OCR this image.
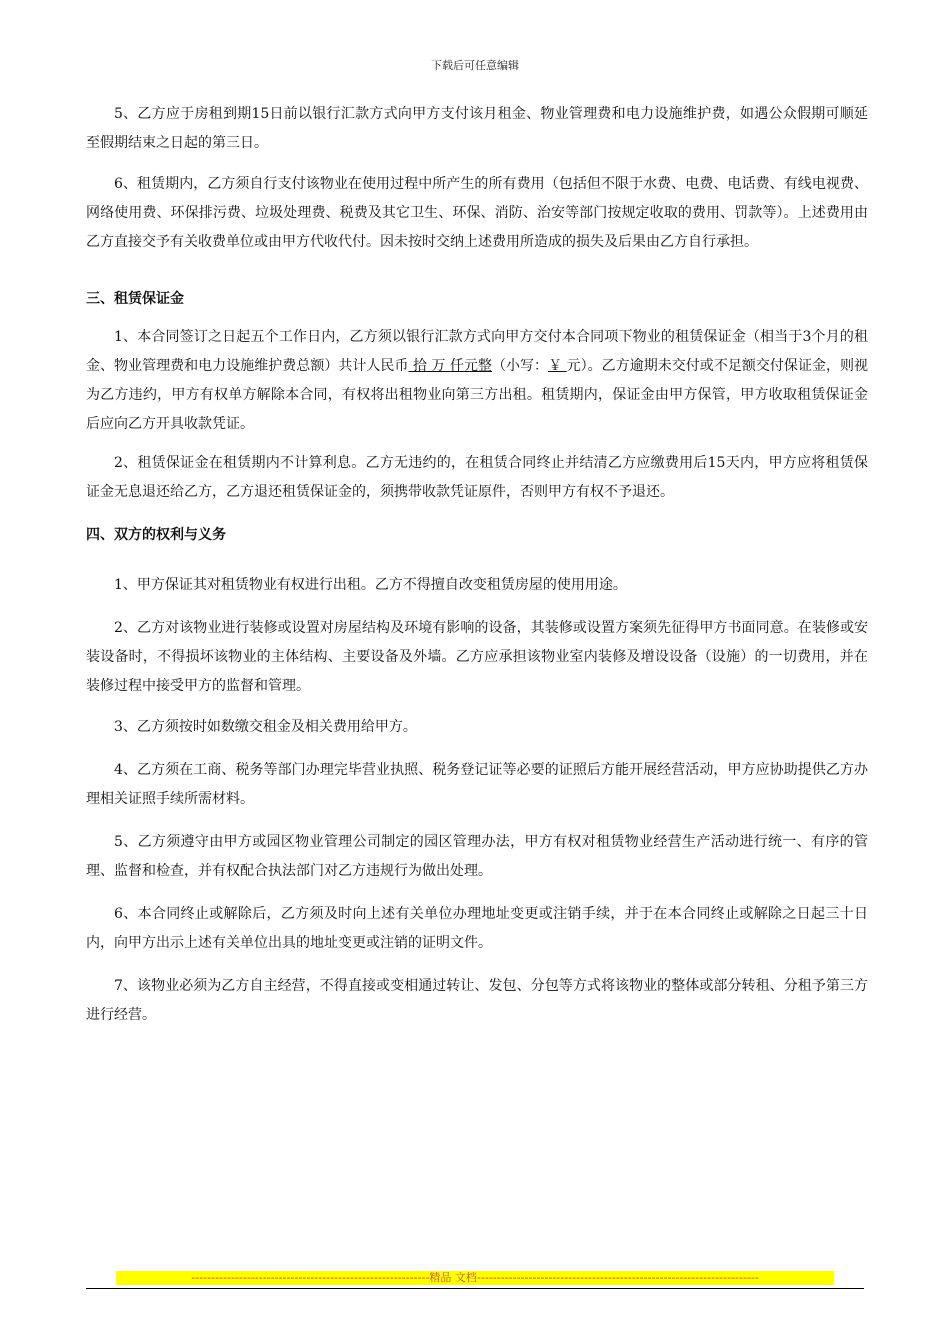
下载后可任意编辑

5、乙方应于房租到期15日前以银行汇款方式向甲方支付该月租金、物业管理费和电力设施维护费，如遇公众假期可顺延至假期结束之日起的第三日。

6、租赁期内，乙方须自行支付该物业在使用过程中所产生的所有费用（包括但不限于水费、电费、电话费、有线电视费、网络使用费、环保排污费、垃圾处理费、税费及其它卫生、环保、消防、治安等部门按规定收取的费用、罚款等）。上述费用由乙方直接交予有关收费单位或由甲方代收代付。因未按时交纳上述费用所造成的损失及后果由乙方自行承担。

三、租赁保证金

1、本合同签订之日起五个工作日内，乙方须以银行汇款方式向甲方交付本合同项下物业的租赁保证金（相当于3个月的租金、物业管理费和电力设施维护费总额）共计人民币 拾 万 仟元整（小写：￥ 元）。乙方逾期未交付或不足额交付保证金，则视为乙方违约，甲方有权单方解除本合同，有权将出租物业向第三方出租。租赁期内，保证金由甲方保管，甲方收取租赁保证金后应向乙方开具收款凭证。

2、租赁保证金在租赁期内不计算利息。乙方无违约的，在租赁合同终止并结清乙方应缴费用后15天内，甲方应将租赁保证金无息退还给乙方，乙方退还租赁保证金的，须携带收款凭证原件，否则甲方有权不予退还。

四、双方的权利与义务

1、甲方保证其对租赁物业有权进行出租。乙方不得擅自改变租赁房屋的使用用途。

2、乙方对该物业进行装修或设置对房屋结构及环境有影响的设备，其装修或设置方案须先征得甲方书面同意。在装修或安装设备时，不得损坏该物业的主体结构、主要设备及外墙。乙方应承担该物业室内装修及增设设备（设施）的一切费用，并在装修过程中接受甲方的监督和管理。

3、乙方须按时如数缴交租金及相关费用给甲方。

4、乙方须在工商、税务等部门办理完毕营业执照、税务登记证等必要的证照后方能开展经营活动，甲方应协助提供乙方办理相关证照手续所需材料。

5、乙方须遵守由甲方或园区物业管理公司制定的园区管理办法，甲方有权对租赁物业经营生产活动进行统一、有序的管理、监督和检查，并有权配合执法部门对乙方违规行为做出处理。

6、本合同终止或解除后，乙方须及时向上述有关单位办理地址变更或注销手续，并于在本合同终止或解除之日起三十日内，向甲方出示上述有关单位出具的地址变更或注销的证明文件。

7、该物业必须为乙方自主经营，不得直接或变相通过转让、发包、分包等方式将该物业的整体或部分转租、分租予第三方进行经营。

------------------------------------------------------------精品 文档-----------------------------------------------------------------------
